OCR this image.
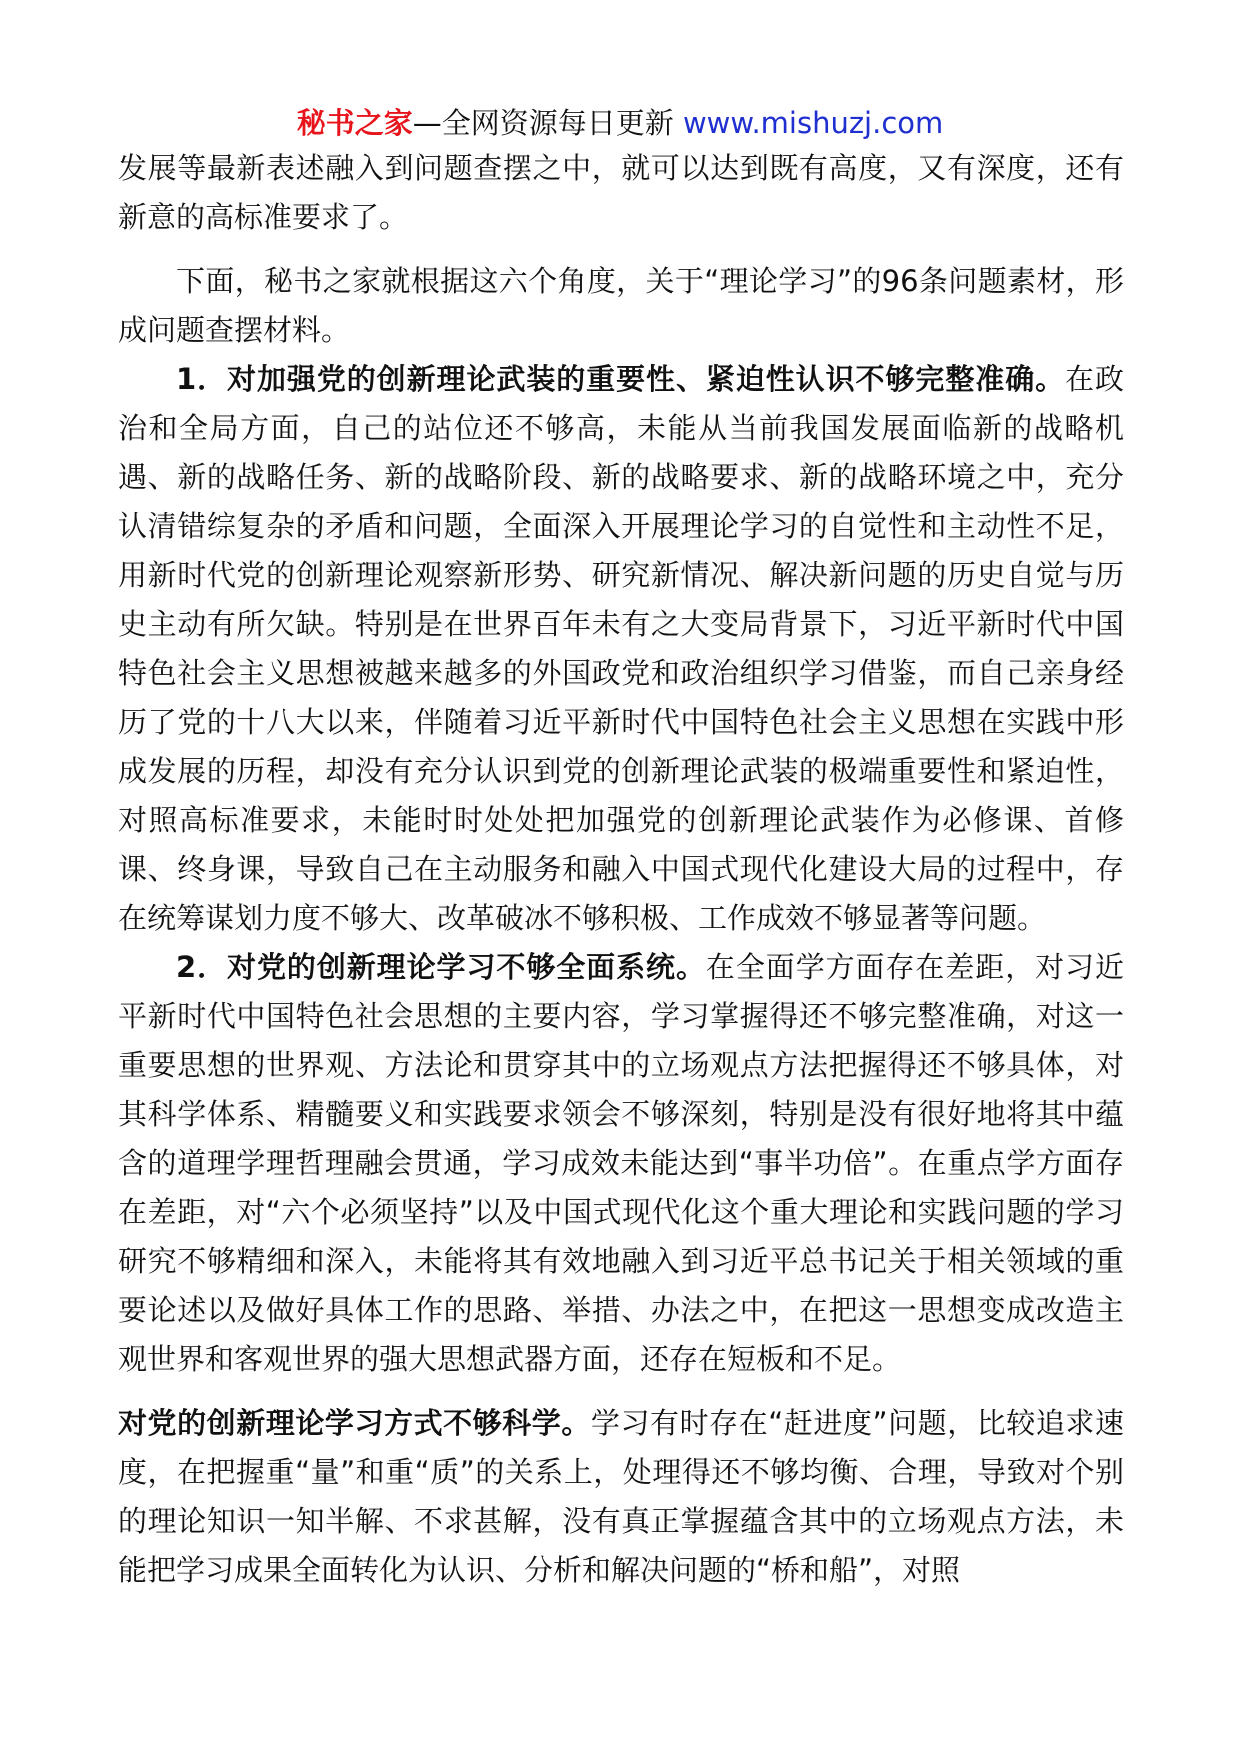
秘书之家—全网资源每日更新 www.mishuzj.com

发展等最新表述融入到问题查摆之中，就可以达到既有高度，又有深度，还有新意的高标准要求了。

下面，秘书之家就根据这六个角度，关于“理论学习”的96条问题素材，形成问题查摆材料。

1．对加强党的创新理论武装的重要性、紧迫性认识不够完整准确。在政治和全局方面，自己的站位还不够高，未能从当前我国发展面临新的战略机遇、新的战略任务、新的战略阶段、新的战略要求、新的战略环境之中，充分认清错综复杂的矛盾和问题，全面深入开展理论学习的自觉性和主动性不足，用新时代党的创新理论观察新形势、研究新情况、解决新问题的历史自觉与历史主动有所欠缺。特别是在世界百年未有之大变局背景下，习近平新时代中国特色社会主义思想被越来越多的外国政党和政治组织学习借鉴，而自己亲身经历了党的十八大以来，伴随着习近平新时代中国特色社会主义思想在实践中形成发展的历程，却没有充分认识到党的创新理论武装的极端重要性和紧迫性，对照高标准要求，未能时时处处把加强党的创新理论武装作为必修课、首修课、终身课，导致自己在主动服务和融入中国式现代化建设大局的过程中，存在统筹谋划力度不够大、改革破冰不够积极、工作成效不够显著等问题。

2．对党的创新理论学习不够全面系统。在全面学方面存在差距，对习近平新时代中国特色社会思想的主要内容，学习掌握得还不够完整准确，对这一重要思想的世界观、方法论和贯穿其中的立场观点方法把握得还不够具体，对其科学体系、精髓要义和实践要求领会不够深刻，特别是没有很好地将其中蕴含的道理学理哲理融会贯通，学习成效未能达到“事半功倍”。在重点学方面存在差距，对“六个必须坚持”以及中国式现代化这个重大理论和实践问题的学习研究不够精细和深入，未能将其有效地融入到习近平总书记关于相关领域的重要论述以及做好具体工作的思路、举措、办法之中，在把这一思想变成改造主观世界和客观世界的强大思想武器方面，还存在短板和不足。

对党的创新理论学习方式不够科学。学习有时存在“赶进度”问题，比较追求速度，在把握重“量”和重“质”的关系上，处理得还不够均衡、合理，导致对个别的理论知识一知半解、不求甚解，没有真正掌握蕴含其中的立场观点方法，未能把学习成果全面转化为认识、分析和解决问题的“桥和船”，对照
